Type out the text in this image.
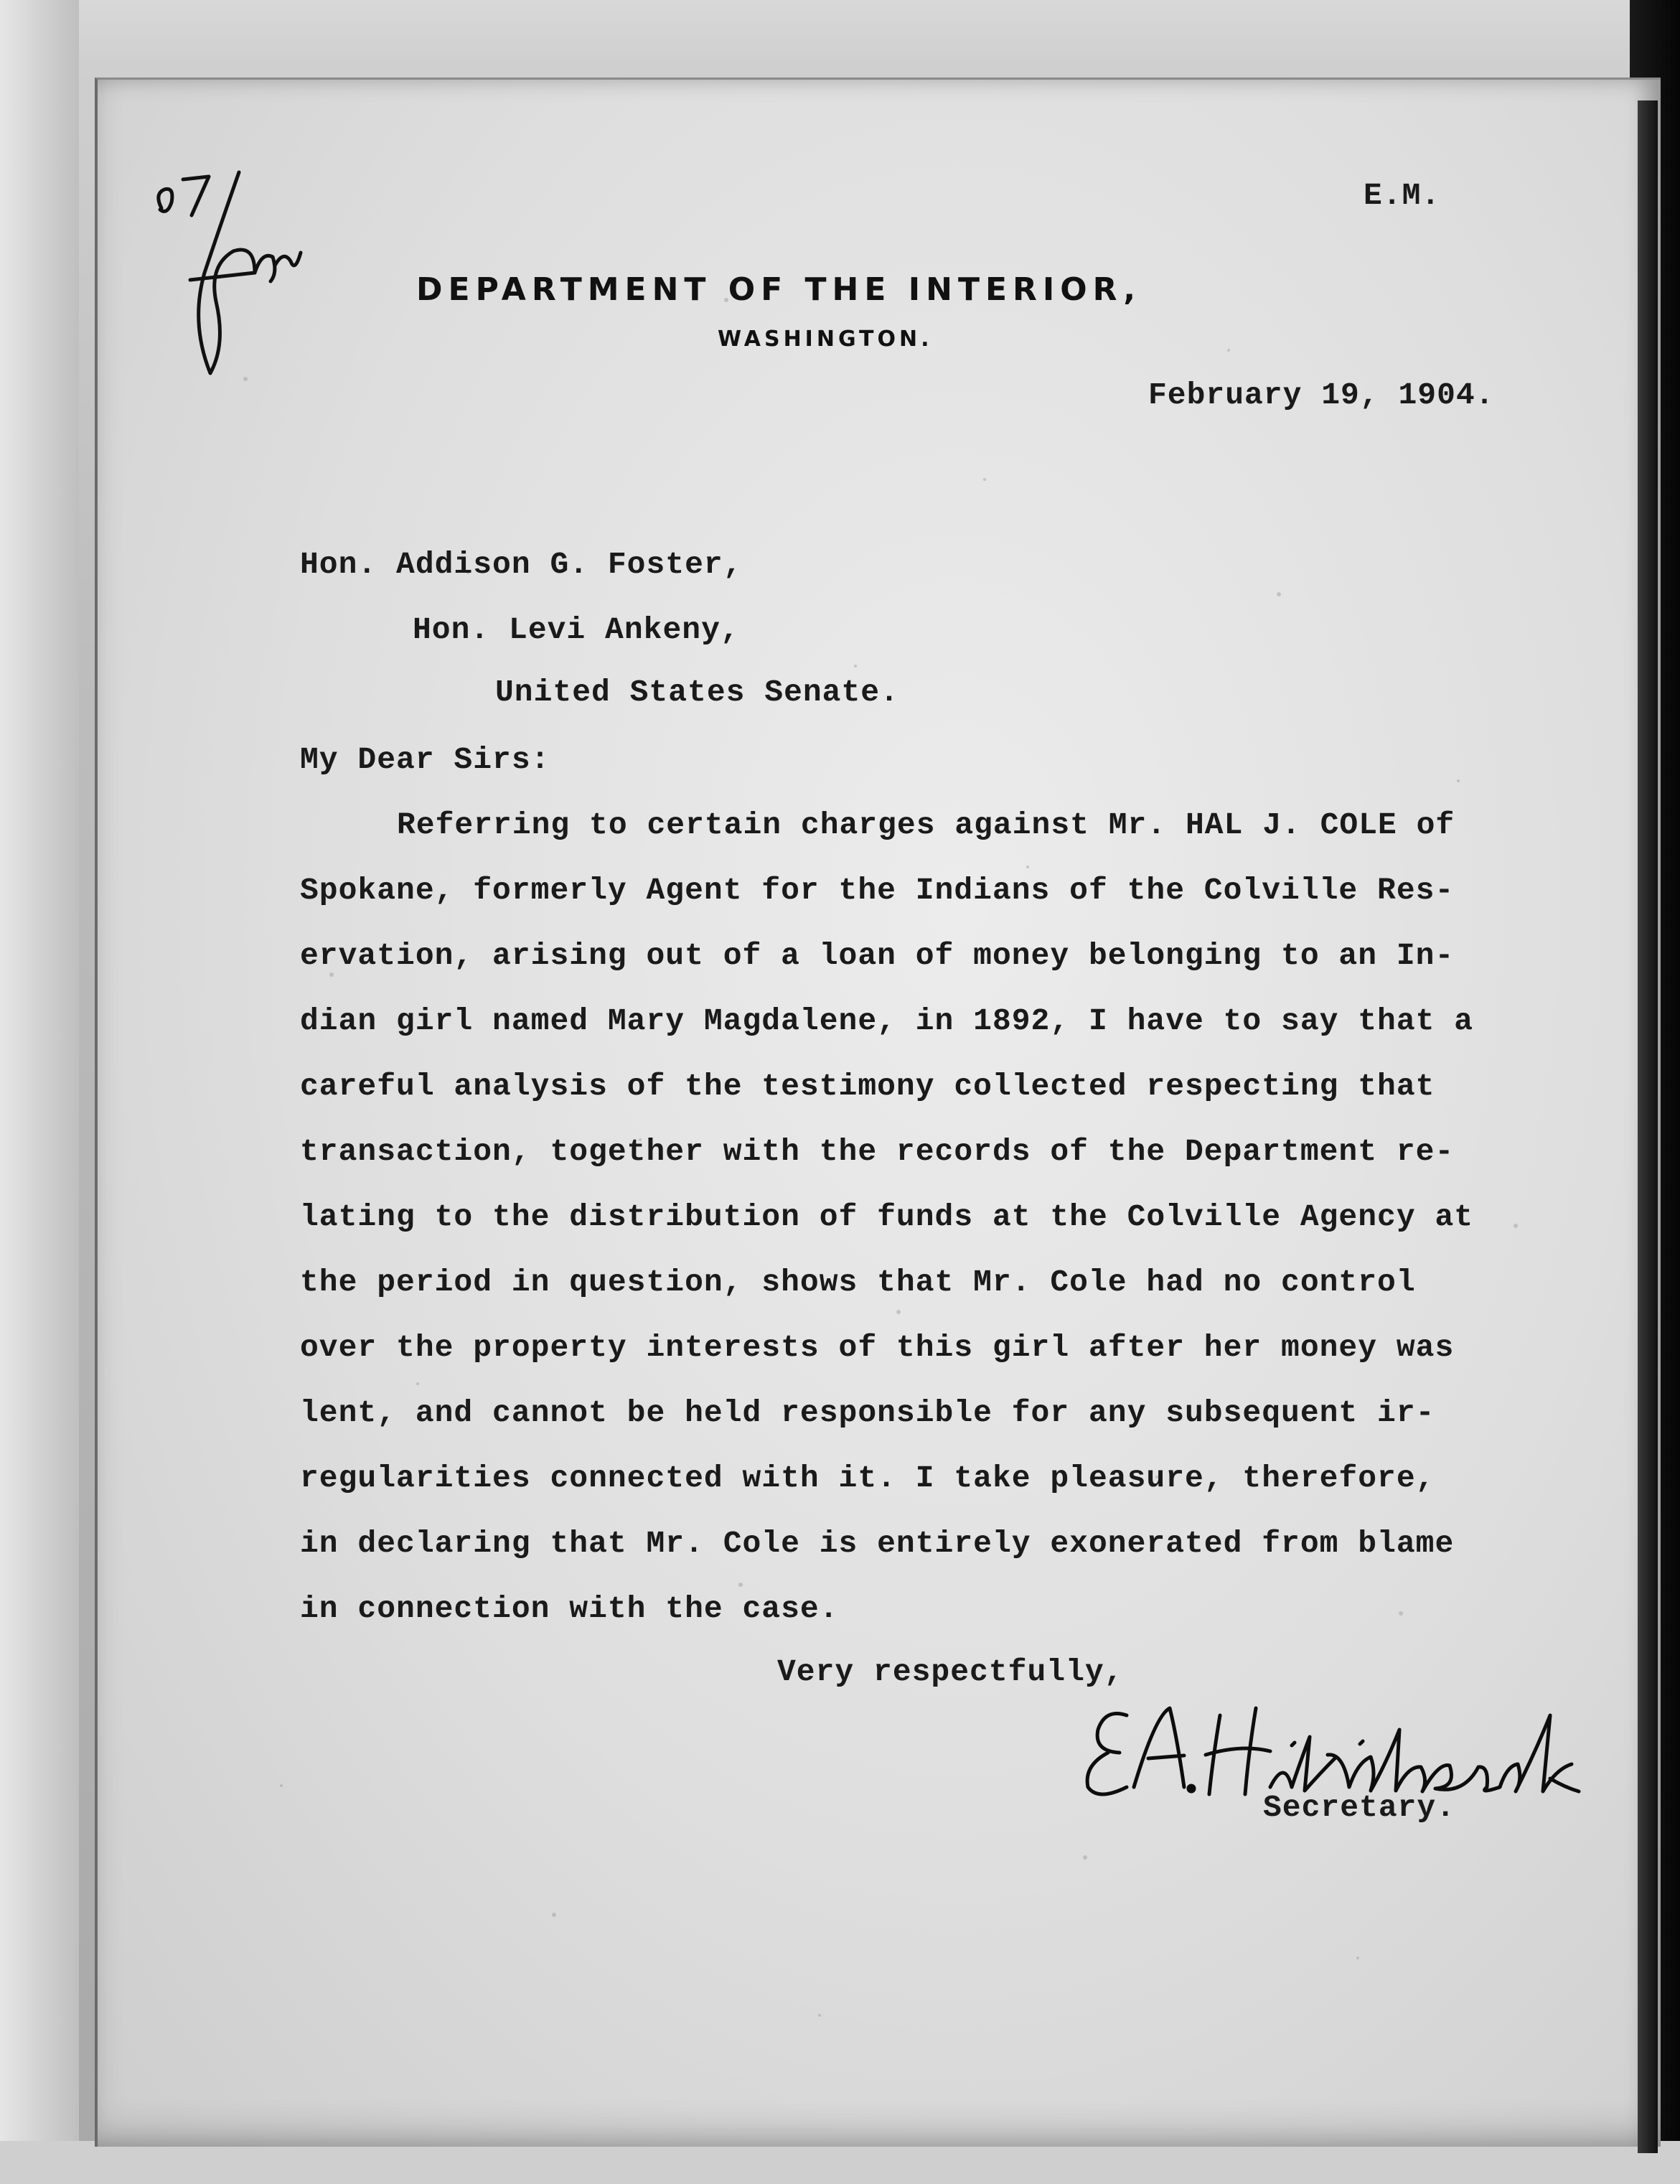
DEPARTMENT OF THE INTERIOR,
WASHINGTON.
E.M.
February 19, 1904.
Hon. Addison G. Foster,
Hon. Levi Ankeny,
United States Senate.
My Dear Sirs:
Referring to certain charges against Mr. HAL J. COLE of
Spokane, formerly Agent for the Indians of the Colville Res-
ervation, arising out of a loan of money belonging to an In-
dian girl named Mary Magdalene, in 1892, I have to say that a
careful analysis of the testimony collected respecting that
transaction, together with the records of the Department re-
lating to the distribution of funds at the Colville Agency at
the period in question, shows that Mr. Cole had no control
over the property interests of this girl after her money was
lent, and cannot be held responsible for any subsequent ir-
regularities connected with it. I take pleasure, therefore,
in declaring that Mr. Cole is entirely exonerated from blame
in connection with the case.
Very respectfully,
Secretary.
